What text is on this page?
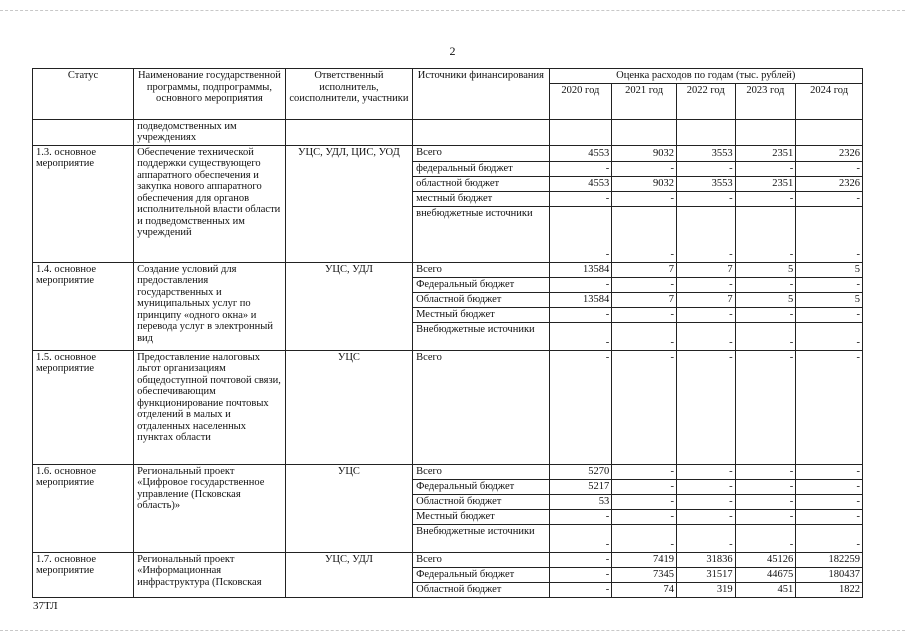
2
Статус	Наименование государственной программы, подпрограммы, основного мероприятия	Ответственный исполнитель, соисполнители, участники	Источники финансирования	Оценка расходов по годам (тыс. рублей)				
				2020 год	2021 год	2022 год	2023 год	2024 год
	подведомственных им учреждениях							
1.3. основное мероприятие	Обеспечение технической поддержки существующего аппаратного обеспечения и закупка нового аппаратного обеспечения для органов исполнительной власти области и подведомственных им учреждений	УЦС, УДЛ, ЦИС, УОД	Всего	4553	9032	3553	2351	2326
			федеральный бюджет	-	-	-	-	-
			областной бюджет	4553	9032	3553	2351	2326
			местный бюджет	-	-	-	-	-
			внебюджетные источники	-	-	-	-	-
1.4. основное мероприятие	Создание условий для предоставления государственных и муниципальных услуг по принципу «одного окна» и перевода услуг в электронный вид	УЦС, УДЛ	Всего	13584	7	7	5	5
			Федеральный бюджет	-	-	-	-	-
			Областной бюджет	13584	7	7	5	5
			Местный бюджет	-	-	-	-	-
			Внебюджетные источники	-	-	-	-	-
1.5. основное мероприятие	Предоставление налоговых льгот организациям общедоступной почтовой связи, обеспечивающим функционирование почтовых отделений в малых и отдаленных населенных пунктах области	УЦС	Всего	-	-	-	-	-
1.6. основное мероприятие	Региональный проект «Цифровое государственное управление (Псковская область)»	УЦС	Всего	5270	-	-	-	-
			Федеральный бюджет	5217	-	-	-	-
			Областной бюджет	53	-	-	-	-
			Местный бюджет	-	-	-	-	-
			Внебюджетные источники	-	-	-	-	-
1.7. основное мероприятие	Региональный проект «Информационная инфраструктура (Псковская	УЦС, УДЛ	Всего	-	7419	31836	45126	182259
			Федеральный бюджет	-	7345	31517	44675	180437
			Областной бюджет	-	74	319	451	1822
37ТЛ
